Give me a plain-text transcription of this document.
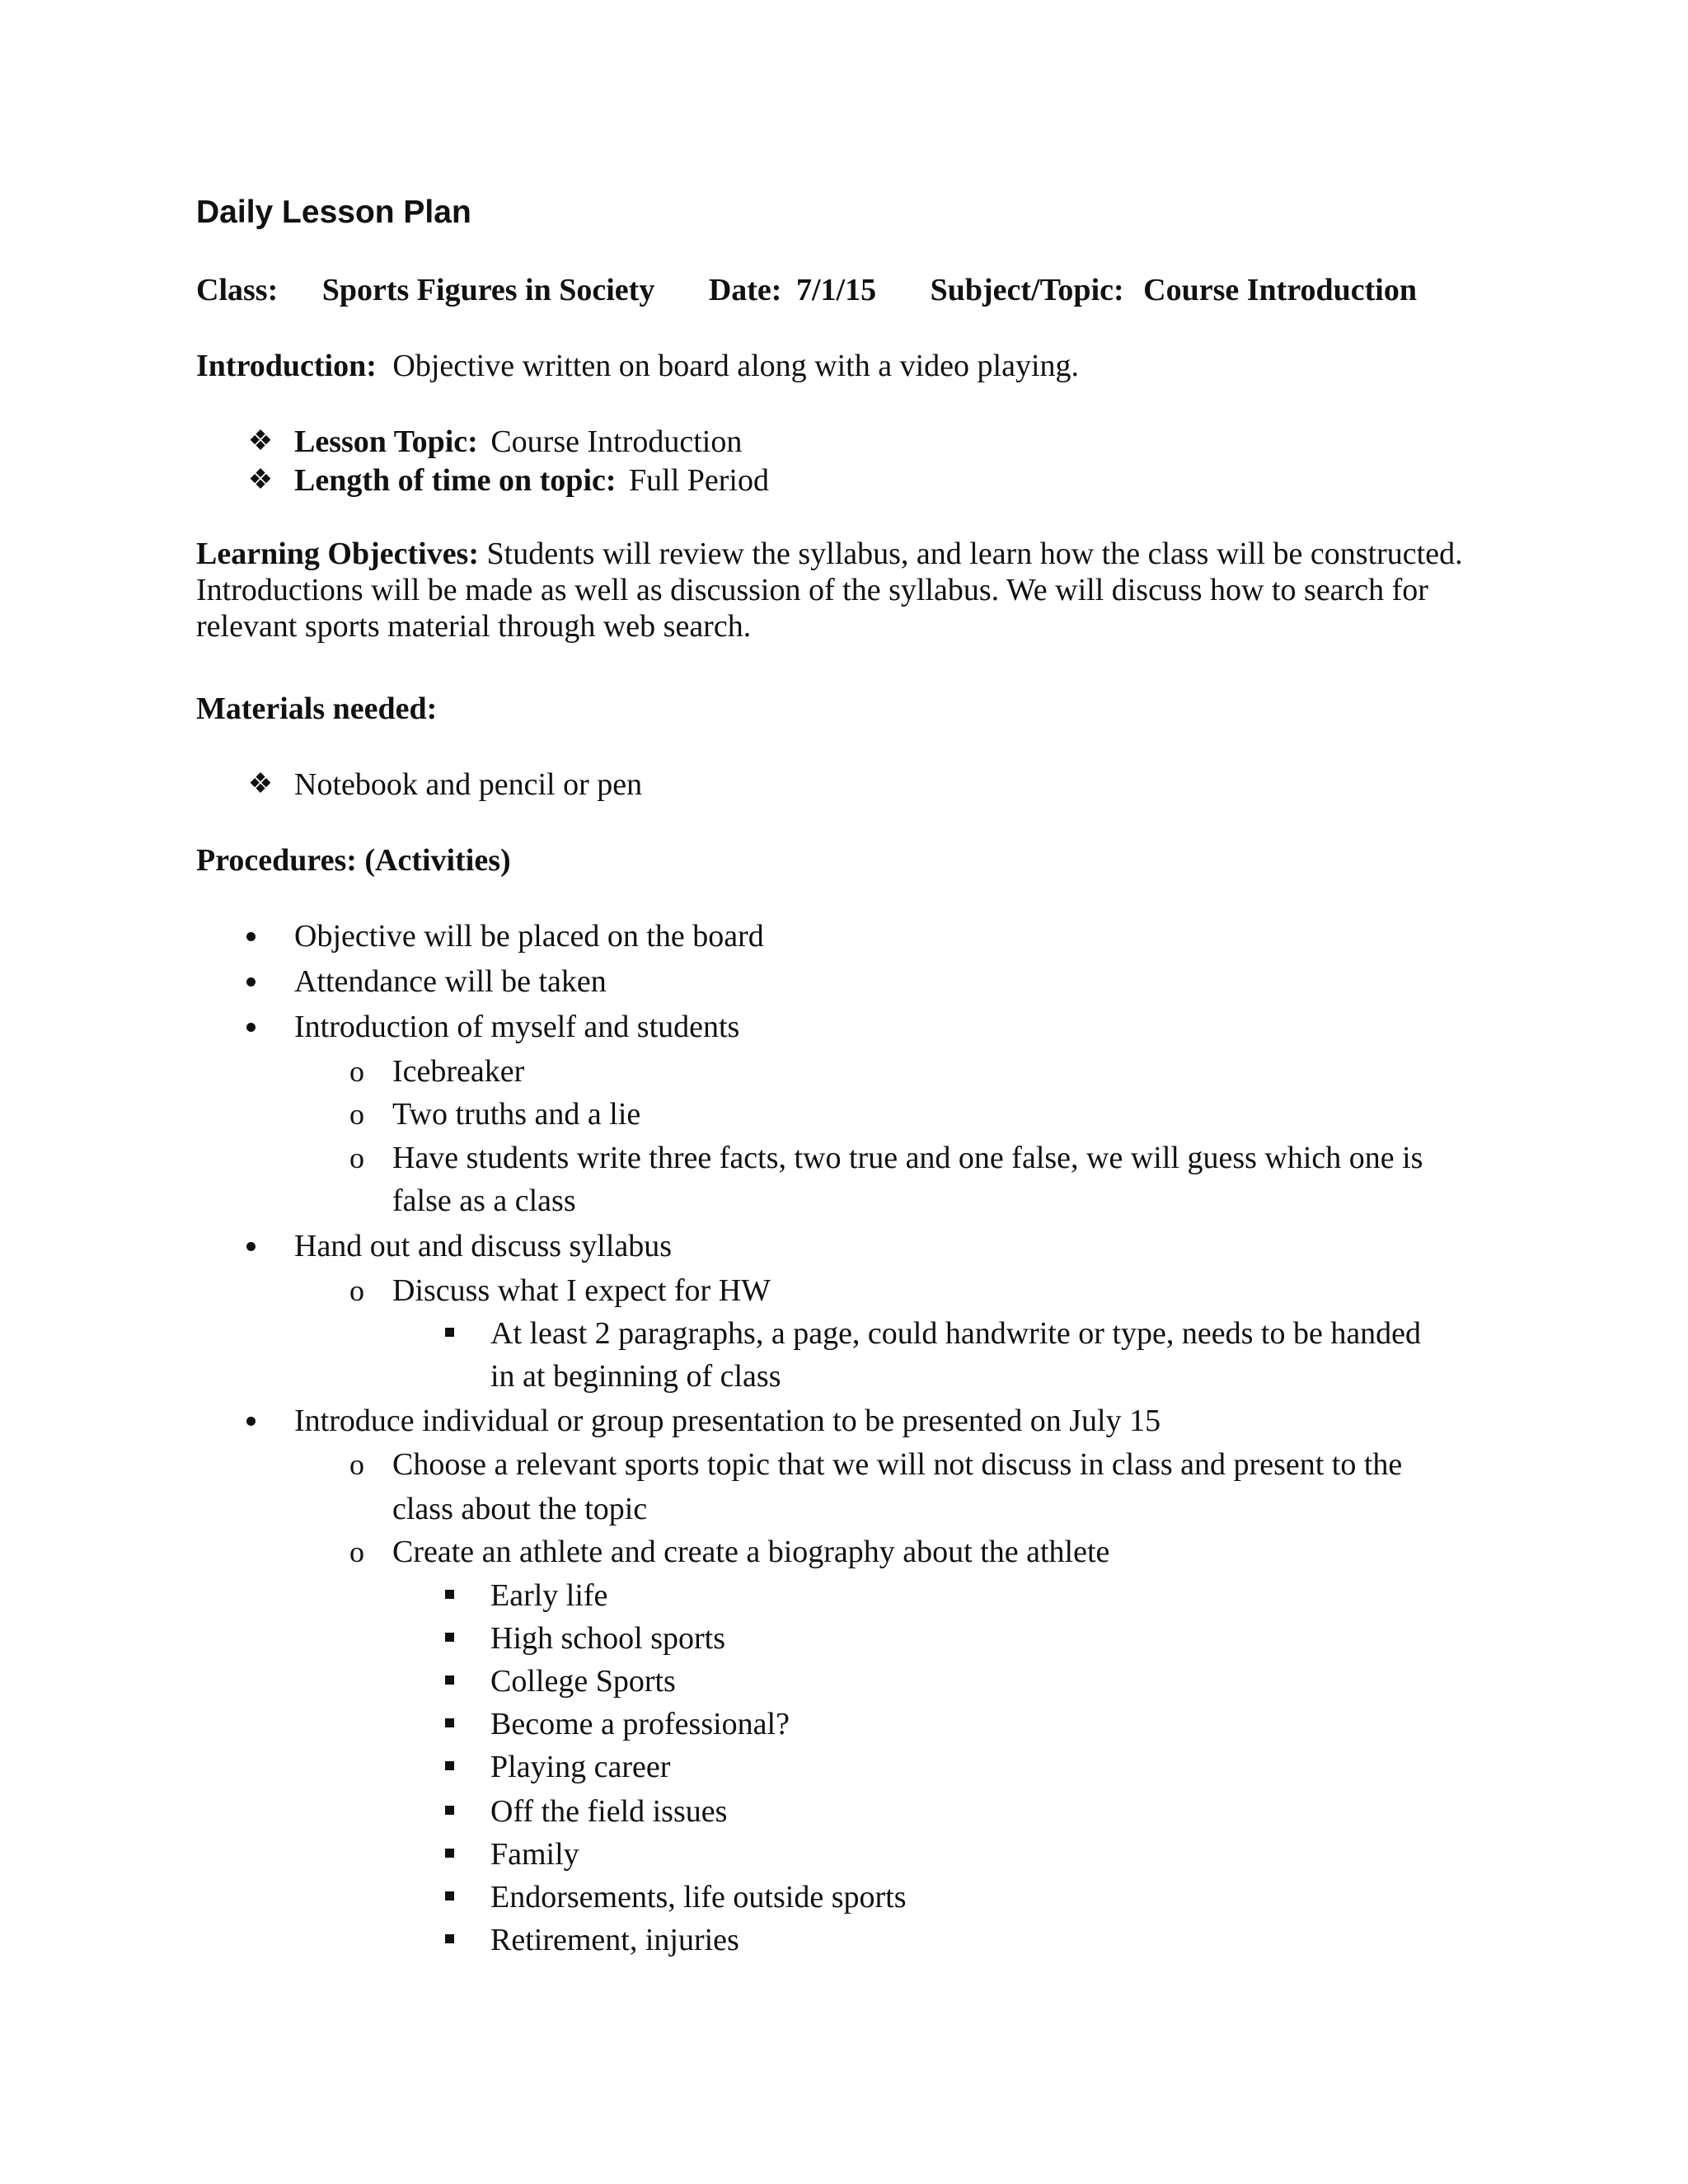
Daily Lesson Plan
Class: Sports Figures in Society Date: 7/1/15 Subject/Topic: Course Introduction
Introduction: Objective written on board along with a video playing.
❖ Lesson Topic: Course Introduction
❖ Length of time on topic: Full Period
Learning Objectives: Students will review the syllabus, and learn how the class will be constructed. Introductions will be made as well as discussion of the syllabus. We will discuss how to search for relevant sports material through web search.
Materials needed:
❖ Notebook and pencil or pen
Procedures: (Activities)
Objective will be placed on the board
Attendance will be taken
Introduction of myself and students
o Icebreaker
o Two truths and a lie
o Have students write three facts, two true and one false, we will guess which one is
false as a class
Hand out and discuss syllabus
o Discuss what I expect for HW
At least 2 paragraphs, a page, could handwrite or type, needs to be handed
in at beginning of class
Introduce individual or group presentation to be presented on July 15
o Choose a relevant sports topic that we will not discuss in class and present to the
class about the topic
o Create an athlete and create a biography about the athlete
Early life
High school sports
College Sports
Become a professional?
Playing career
Off the field issues
Family
Endorsements, life outside sports
Retirement, injuries
